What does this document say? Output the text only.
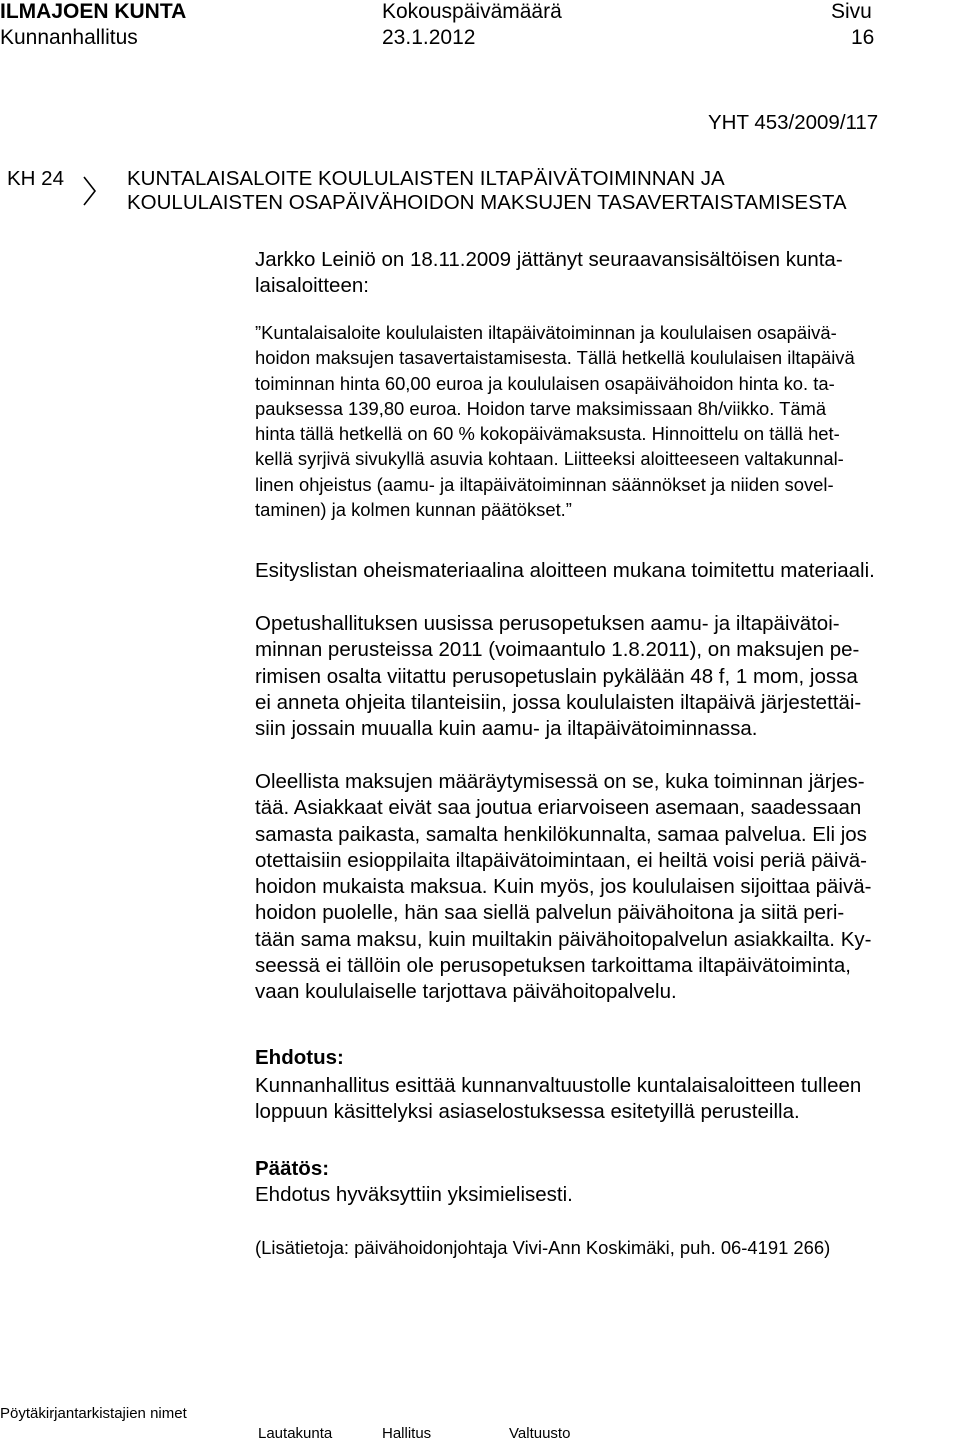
ILMAJOEN KUNTA	Kokouspäivämäärä	Sivu
Kunnanhallitus	23.1.2012	16
YHT 453/2009/117
KH 24	KUNTALAISALOITE KOULULAISTEN ILTAPÄIVÄTOIMINNAN JA
KOULULAISTEN OSAPÄIVÄHOIDON MAKSUJEN TASAVERTAISTAMISESTA
Jarkko Leiniö on 18.11.2009 jättänyt seuraavansisältöisen kunta-
laisaloitteen:
”Kuntalaisaloite koululaisten iltapäivätoiminnan ja koululaisen osapäivä-
hoidon maksujen tasavertaistamisesta. Tällä hetkellä koululaisen iltapäivä
toiminnan hinta 60,00 euroa ja koululaisen osapäivähoidon hinta ko. ta-
pauksessa 139,80 euroa. Hoidon tarve maksimissaan 8h/viikko. Tämä
hinta tällä hetkellä on 60 % kokopäivämaksusta. Hinnoittelu on tällä het-
kellä syrjivä sivukyllä asuvia kohtaan. Liitteeksi aloitteeseen valtakunnal-
linen ohjeistus (aamu- ja iltapäivätoiminnan säännökset ja niiden sovel-
taminen) ja kolmen kunnan päätökset.”
Esityslistan oheismateriaalina aloitteen mukana toimitettu materiaali.
Opetushallituksen uusissa perusopetuksen aamu- ja iltapäivätoi-
minnan perusteissa 2011 (voimaantulo 1.8.2011), on maksujen pe-
rimisen osalta viitattu perusopetuslain pykälään 48 f, 1 mom, jossa
ei anneta ohjeita tilanteisiin, jossa koululaisten iltapäivä järjestettäi-
siin jossain muualla kuin aamu- ja iltapäivätoiminnassa.
Oleellista maksujen määräytymisessä on se, kuka toiminnan järjes-
tää. Asiakkaat eivät saa joutua eriarvoiseen asemaan, saadessaan
samasta paikasta, samalta henkilökunnalta, samaa palvelua. Eli jos
otettaisiin esioppilaita iltapäivätoimintaan, ei heiltä voisi periä päivä-
hoidon mukaista maksua. Kuin myös, jos koululaisen sijoittaa päivä-
hoidon puolelle, hän saa siellä palvelun päivähoitona ja siitä peri-
tään sama maksu, kuin muiltakin päivähoitopalvelun asiakkailta. Ky-
seessä ei tällöin ole perusopetuksen tarkoittama iltapäivätoiminta,
vaan koululaiselle tarjottava päivähoitopalvelu.
Ehdotus:
Kunnanhallitus esittää kunnanvaltuustolle kuntalaisaloitteen tulleen
loppuun käsittelyksi asiaselostuksessa esitetyillä perusteilla.
Päätös:
Ehdotus hyväksyttiin yksimielisesti.
(Lisätietoja: päivähoidonjohtaja Vivi-Ann Koskimäki, puh. 06-4191 266)
Pöytäkirjantarkistajien nimet
Lautakunta	Hallitus	Valtuusto
